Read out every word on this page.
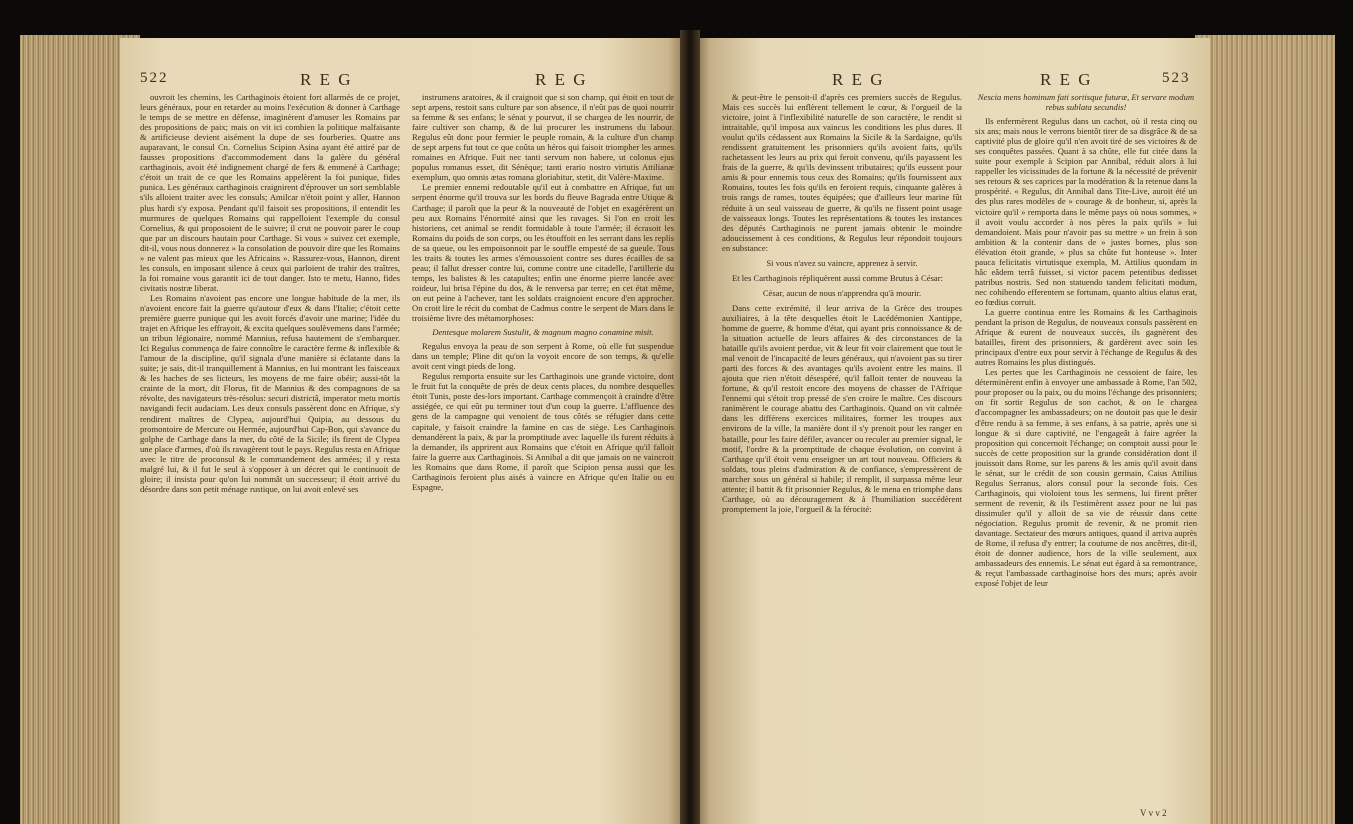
522	R E G	R E G

ouvroit les chemins, les Carthaginois étoient fort allarmés de ce projet, leurs généraux, pour en retarder au moins l'exécution & donner à Carthage le temps de se mettre en défense, imaginèrent d'amuser les Romains par des propositions de paix; mais on vit ici combien la politique malfaisante & artificieuse devient aisément la dupe de ses fourberies. Quatre ans auparavant, le consul Cn. Cornelius Scipion Asina ayant été attiré par de fausses propositions d'accommodement dans la galère du général carthaginois, avoit été indignement chargé de fers & emmené à Carthage; c'étoit un trait de ce que les Romains appelèrent la foi punique, fides punica. Les généraux carthaginois craignirent d'éprouver un sort semblable s'ils alloient traiter avec les consuls; Amilcar n'étoit point y aller, Hannon plus hardi s'y exposa. Pendant qu'il faisoit ses propositions, il entendit les murmures de quelques Romains qui rappelloient l'exemple du consul Cornelius, & qui proposoient de le suivre; il crut ne pouvoir parer le coup que par un discours hautain pour Carthage. Si vous » suivez cet exemple, dit-il, vous nous donnerez » la consolation de pouvoir dire que les Romains » ne valent pas mieux que les Africains ». Rassurez-vous, Hannon, dirent les consuls, en imposant silence à ceux qui parloient de trahir des traîtres, la foi romaine vous garantit ici de tout danger. Isto te metu, Hanno, fides civitatis nostræ liberat.

Les Romains n'avoient pas encore une longue habitude de la mer, ils n'avoient encore fait la guerre qu'autour d'eux & dans l'Italie; c'étoit cette première guerre punique qui les avoit forcés d'avoir une marine; l'idée du trajet en Afrique les effrayoit, & excita quelques soulèvemens dans l'armée; un tribun légionaire, nommé Mannius, refusa hautement de s'embarquer. Ici Regulus commença de faire connoître le caractère ferme & inflexible & l'amour de la discipline, qu'il signala d'une manière si éclatante dans la suite; je sais, dit-il tranquillement à Mannius, en lui montrant les faisceaux & les haches de ses licteurs, les moyens de me faire obéir; aussi-tôt la crainte de la mort, dit Florus, fit de Mannius & des compagnons de sa révolte, des navigateurs très-résolus: securi districtâ, imperator metu mortis navigandi fecit audaciam. Les deux consuls passèrent donc en Afrique, s'y rendirent maîtres de Clypea, aujourd'hui Quipia, au dessous du promontoire de Mercure ou Hermée, aujourd'hui Cap-Bon, qui s'avance du golphe de Carthage dans la mer, du côté de la Sicile; ils firent de Clypea une place d'armes, d'où ils ravagèrent tout le pays. Regulus resta en Afrique avec le titre de proconsul & le commandement des armées; il y resta malgré lui, & il fut le seul à s'opposer à un décret qui le continuoit de gloire; il insista pour qu'on lui nommât un successeur; il étoit arrivé du désordre dans son petit ménage rustique, on lui avoit enlevé ses

instrumens aratoires, & il craignoit que si son champ, qui étoit en tout de sept arpens, restoit sans culture par son absence, il n'eût pas de quoi nourrir sa femme & ses enfans; le sénat y pourvut, il se chargea de les nourrir, de faire cultiver son champ, & de lui procurer les instrumens du labour. Regulus eût donc pour fermier le peuple romain, & la culture d'un champ de sept arpens fut tout ce que coûta un héros qui faisoit triompher les armes romaines en Afrique. Fuit nec tanti servum non habere, ut colonus ejus populus romanus esset, dit Sénèque; tanti erario nostro virtutis Attilianæ exemplum, quo omnis ætas romana gloriabitur, stetit, dit Valère-Maxime.

Le premier ennemi redoutable qu'il eut à combattre en Afrique, fut un serpent énorme qu'il trouva sur les bords du fleuve Bagrada entre Utique & Carthage; il paroît que la peur & la nouveauté de l'objet en exagérèrent un peu aux Romains l'énormité ainsi que les ravages. Si l'on en croit les historiens, cet animal se rendit formidable à toute l'armée; il écrasoit les Romains du poids de son corps, ou les étouffoit en les serrant dans les replis de sa queue, ou les empoisonnoit par le souffle empesté de sa gueule. Tous les traits & toutes les armes s'émoussoient contre ses dures écailles de sa peau; il fallut dresser contre lui, comme contre une citadelle, l'artillerie du temps, les balistes & les catapultes; enfin une énorme pierre lancée avec roideur, lui brisa l'épine du dos, & le renversa par terre; en cet état même, on eut peine à l'achever, tant les soldats craignoient encore d'en approcher. On croit lire le récit du combat de Cadmus contre le serpent de Mars dans le troisième livre des métamorphoses:

Dentesque molarem Sustulit, & magnum magno conamine misit.

Regulus envoya la peau de son serpent à Rome, où elle fut suspendue dans un temple; Pline dit qu'on la voyoit encore de son temps, & qu'elle avoit cent vingt pieds de long.

Regulus remporta ensuite sur les Carthaginois une grande victoire, dont le fruit fut la conquête de près de deux cents places, du nombre desquelles étoit Tunis, poste des-lors important. Carthage commençoit à craindre d'être assiégée, ce qui eût pu terminer tout d'un coup la guerre. L'affluence des gens de la campagne qui venoient de tous côtés se réfugier dans cette capitale, y faisoit craindre la famine en cas de siège. Les Carthaginois demandèrent la paix, & par la promptitude avec laquelle ils furent réduits à la demander, ils apprirent aux Romains que c'étoit en Afrique qu'il falloit faire la guerre aux Carthaginois. Si Annibal a dit que jamais on ne vaincroit les Romains que dans Rome, il paroît que Scipion pensa aussi que les Carthaginois feroient plus aisés à vaincre en Afrique qu'en Italie ou en Espagne,

R E G	R E G	523

& peut-être le pensoit-il d'après ces premiers succès de Regulus. Mais ces succès lui enflèrent tellement le cœur, & l'orgueil de la victoire, joint à l'inflexibilité naturelle de son caractère, le rendit si intraitable, qu'il imposa aux vaincus les conditions les plus dures. Il voulut qu'ils cédassent aux Romains la Sicile & la Sardaigne, qu'ils rendissent gratuitement les prisonniers qu'ils avoient faits, qu'ils rachetassent les leurs au prix qui feroit convenu, qu'ils payassent les frais de la guerre, & qu'ils devinssent tributaires; qu'ils eussent pour amis & pour ennemis tous ceux des Romains; qu'ils fournissent aux Romains, toutes les fois qu'ils en feroient requis, cinquante galères à trois rangs de rames, toutes équipées; que d'ailleurs leur marine fût réduite à un seul vaisseau de guerre, & qu'ils ne fissent point usage de vaisseaux longs. Toutes les représentations & toutes les instances des députés Carthaginois ne purent jamais obtenir le moindre adoucissement à ces conditions, & Regulus leur répondoit toujours en substance:

Si vous n'avez su vaincre, apprenez à servir.

Et les Carthaginois répliquèrent aussi comme Brutus à César:

César, aucun de nous n'apprendra qu'à mourir.

Dans cette extrémité, il leur arriva de la Grèce des troupes auxiliaires, à la tête desquelles étoit le Lacédémonien Xantippe, homme de guerre, & homme d'état, qui ayant pris connoissance & de la situation actuelle de leurs affaires & des circonstances de la bataille qu'ils avoient perdue, vit & leur fit voir clairement que tout le mal venoit de l'incapacité de leurs généraux, qui n'avoient pas su tirer parti des forces & des avantages qu'ils avoient entre les mains. Il ajouta que rien n'étoit désespéré, qu'il falloit tenter de nouveau la fortune, & qu'il restoit encore des moyens de chasser de l'Afrique l'ennemi qui s'étoit trop pressé de s'en croire le maître. Ces discours ranimèrent le courage abattu des Carthaginois. Quand on vit calmée dans les différens exercices militaires, former les troupes aux environs de la ville, la manière dont il s'y prenoit pour les ranger en bataille, pour les faire défiler, avancer ou reculer au premier signal, le motif, l'ordre & la promptitude de chaque évolution, on convint à Carthage qu'il étoit venu enseigner un art tout nouveau. Officiers & soldats, tous pleins d'admiration & de confiance, s'empressèrent de marcher sous un général si habile; il remplit, il surpassa même leur attente; il battit & fit prisonnier Regulus, & le mena en triomphe dans Carthage, où au découragement & à l'humiliation succédèrent promptement la joie, l'orgueil & la férocité:

Nescia mens hominum fati sortisque futuræ, Et servare modum rebus sublata secundis!

Ils enfermèrent Regulus dans un cachot, où il resta cinq ou six ans; mais nous le verrons bientôt tirer de sa disgrâce & de sa captivité plus de gloire qu'il n'en avoit tiré de ses victoires & de ses conquêtes passées. Quant à sa chûte, elle fut citée dans la suite pour exemple à Scipion par Annibal, réduit alors à lui rappeller les vicissitudes de la fortune & la nécessité de prévenir ses retours & ses caprices par la modération & la retenue dans la prospérité. « Regulus, dit Annibal dans Tite-Live, auroit été un des plus rares modèles de » courage & de bonheur, si, après la victoire qu'il » remporta dans le même pays où nous sommes, » il avoit voulu accorder à nos pères la paix qu'ils » lui demandoient. Mais pour n'avoir pas su mettre » un frein à son ambition & la contenir dans de » justes bornes, plus son élévation étoit grande, » plus sa chûte fut honteuse ». Inter pauca felicitatis virtutisque exempla, M. Attilius quondam in hâc eâdem terrâ fuisset, si victor pacem petentibus dedisset patribus nostris. Sed non statuendo tandem felicitati modum, nec cohibendo efferentem se fortunam, quanto altius elatus erat, eo fœdius corruit.

La guerre continua entre les Romains & les Carthaginois pendant la prison de Regulus, de nouveaux consuls passèrent en Afrique & eurent de nouveaux succès, ils gagnèrent des batailles, firent des prisonniers, & gardèrent avec soin les principaux d'entre eux pour servir à l'échange de Regulus & des autres Romains les plus distingués.

Les pertes que les Carthaginois ne cessoient de faire, les déterminèrent enfin à envoyer une ambassade à Rome, l'an 502, pour proposer ou la paix, ou du moins l'échange des prisonniers; on fit sortir Regulus de son cachot, & on le chargea d'accompagner les ambassadeurs; on ne doutoit pas que le desir d'être rendu à sa femme, à ses enfans, à sa patrie, après une si longue & si dure captivité, ne l'engageât à faire agréer la proposition qui concernoit l'échange; on comptoit aussi pour le succès de cette proposition sur la grande considération dont il jouissoit dans Rome, sur les parens & les amis qu'il avoit dans le sénat, sur le crédit de son cousin germain, Caius Attilius Regulus Serranus, alors consul pour la seconde fois. Ces Carthaginois, qui violoient tous les sermens, lui firent prêter serment de revenir, & ils l'estimèrent assez pour ne lui pas dissimuler qu'il y alloit de sa vie de réussir dans cette négociation. Regulus promit de revenir, & ne promit rien davantage. Sectateur des mœurs antiques, quand il arriva auprès de Rome, il refusa d'y entrer; la coutume de nos ancêtres, dit-il, étoit de donner audience, hors de la ville seulement, aux ambassadeurs des ennemis. Le sénat eut égard à sa remontrance, & reçut l'ambassade carthaginoise hors des murs; après avoir exposé l'objet de leur

V v v 2
